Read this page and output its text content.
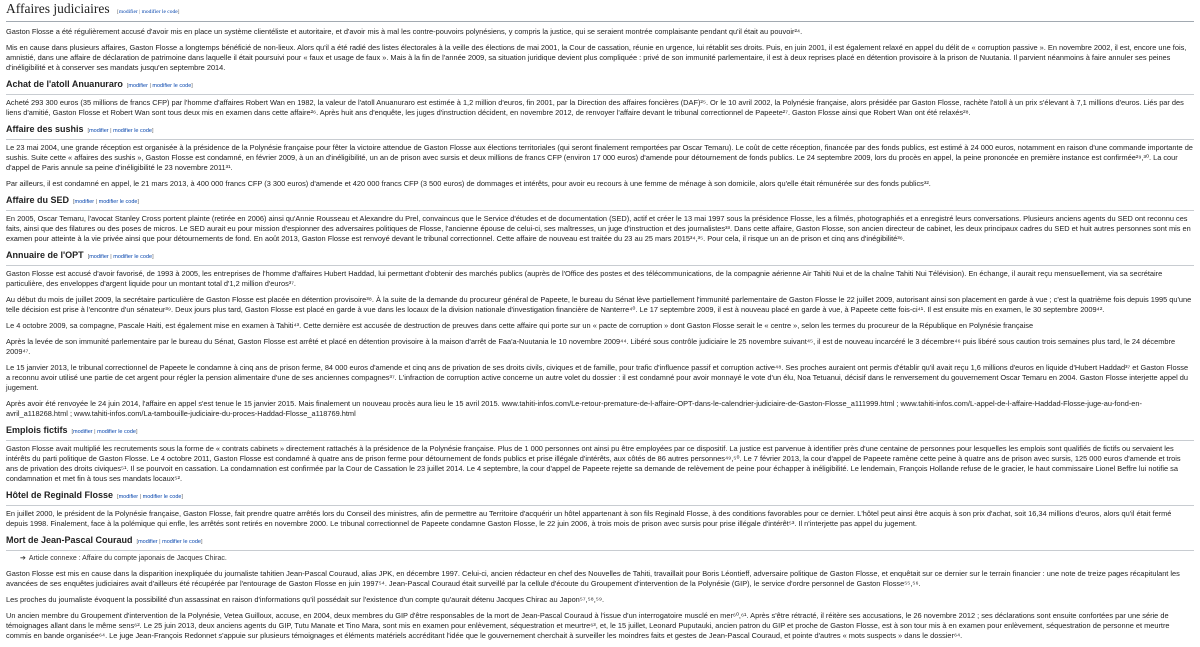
Affaires judiciaires [modifier | modifier le code]

Gaston Flosse a été régulièrement accusé d'avoir mis en place un système clientéliste et autoritaire, et d'avoir mis à mal les contre-pouvoirs polynésiens, y compris la justice, qui se seraient montrée complaisante pendant qu'il était au pouvoir²⁴.

Mis en cause dans plusieurs affaires, Gaston Flosse a longtemps bénéficié de non-lieux. Alors qu'il a été radié des listes électorales à la veille des élections de mai 2001, la Cour de cassation, réunie en urgence, lui rétablit ses droits. Puis, en juin 2001, il est également relaxé en appel du délit de « corruption passive ». En novembre 2002, il est, encore une fois, amnistié, dans une affaire de déclaration de patrimoine dans laquelle il était poursuivi pour « faux et usage de faux ». Mais à la fin de l'année 2009, sa situation juridique devient plus compliquée : privé de son immunité parlementaire, il est à deux reprises placé en détention provisoire à la prison de Nuutania. Il parvient néanmoins à faire annuler ses peines d'inéligibilité et à conserver ses mandats jusqu'en septembre 2014.

Achat de l'atoll Anuanuraro [modifier | modifier le code]

Acheté 293 300 euros (35 millions de francs CFP) par l'homme d'affaires Robert Wan en 1982, la valeur de l'atoll Anuanuraro est estimée à 1,2 million d'euros, fin 2001, par la Direction des affaires foncières (DAF)²⁵. Or le 10 avril 2002, la Polynésie française, alors présidée par Gaston Flosse, rachète l'atoll à un prix s'élevant à 7,1 millions d'euros. Liés par des liens d'amitié, Gaston Flosse et Robert Wan sont tous deux mis en examen dans cette affaire²⁶. Après huit ans d'enquête, les juges d'instruction décident, en novembre 2012, de renvoyer l'affaire devant le tribunal correctionnel de Papeete²⁷. Gaston Flosse ainsi que Robert Wan ont été relaxés²⁸.

Affaire des sushis [modifier | modifier le code]

Le 23 mai 2004, une grande réception est organisée à la présidence de la Polynésie française pour fêter la victoire attendue de Gaston Flosse aux élections territoriales (qui seront finalement remportées par Oscar Temaru). Le coût de cette réception, financée par des fonds publics, est estimé à 24 000 euros, notamment en raison d'une commande importante de sushis. Suite cette « affaires des sushis », Gaston Flosse est condamné, en février 2009, à un an d'inéligibilité, un an de prison avec sursis et deux millions de francs CFP (environ 17 000 euros) d'amende pour détournement de fonds publics. Le 24 septembre 2009, lors du procès en appel, la peine prononcée en première instance est confirmée²⁹,³⁰. La cour d'appel de Paris annule sa peine d'inéligibilité le 23 novembre 2011³¹.

Par ailleurs, il est condamné en appel, le 21 mars 2013, à 400 000 francs CFP (3 300 euros) d'amende et 420 000 francs CFP (3 500 euros) de dommages et intérêts, pour avoir eu recours à une femme de ménage à son domicile, alors qu'elle était rémunérée sur des fonds publics³².

Affaire du SED [modifier | modifier le code]

En 2005, Oscar Temaru, l'avocat Stanley Cross portent plainte (retirée en 2006) ainsi qu'Annie Rousseau et Alexandre du Prel, convaincus que le Service d'études et de documentation (SED), actif et créer le 13 mai 1997 sous la présidence Flosse, les a filmés, photographiés et a enregistré leurs conversations. Plusieurs anciens agents du SED ont reconnu ces faits, ainsi que des filatures ou des poses de micros. Le SED aurait eu pour mission d'espionner des adversaires politiques de Flosse, l'ancienne épouse de celui-ci, ses maîtresses, un juge d'instruction et des journalistes³³. Dans cette affaire, Gaston Flosse, son ancien directeur de cabinet, les deux principaux cadres du SED et huit autres personnes sont mis en examen pour atteinte à la vie privée ainsi que pour détournements de fond. En août 2013, Gaston Flosse est renvoyé devant le tribunal correctionnel. Cette affaire de nouveau est traitée du 23 au 25 mars 2015³⁴,³⁵. Pour cela, il risque un an de prison et cinq ans d'inégibilité³⁶.

Annuaire de l'OPT [modifier | modifier le code]

Gaston Flosse est accusé d'avoir favorisé, de 1993 à 2005, les entreprises de l'homme d'affaires Hubert Haddad, lui permettant d'obtenir des marchés publics (auprès de l'Office des postes et des télécommunications, de la compagnie aérienne Air Tahiti Nui et de la chaîne Tahiti Nui Télévision). En échange, il aurait reçu mensuellement, via sa secrétaire particulière, des enveloppes d'argent liquide pour un montant total d'1,2 million d'euros³⁷.

Au début du mois de juillet 2009, la secrétaire particulière de Gaston Flosse est placée en détention provisoire³⁸. À la suite de la demande du procureur général de Papeete, le bureau du Sénat lève partiellement l'immunité parlementaire de Gaston Flosse le 22 juillet 2009, autorisant ainsi son placement en garde à vue ; c'est la quatrième fois depuis 1995 qu'une telle décision est prise à l'encontre d'un sénateur³⁹. Deux jours plus tard, Gaston Flosse est placé en garde à vue dans les locaux de la division nationale d'investigation financière de Nanterre⁴⁰. Le 17 septembre 2009, il est à nouveau placé en garde à vue, à Papeete cette fois-ci⁴¹. Il est ensuite mis en examen, le 30 septembre 2009⁴².

Le 4 octobre 2009, sa compagne, Pascale Haiti, est également mise en examen à Tahiti⁴³. Cette dernière est accusée de destruction de preuves dans cette affaire qui porte sur un « pacte de corruption » dont Gaston Flosse serait le « centre », selon les termes du procureur de la République en Polynésie française

Après la levée de son immunité parlementaire par le bureau du Sénat, Gaston Flosse est arrêté et placé en détention provisoire à la maison d'arrêt de Faa'a-Nuutania le 10 novembre 2009⁴⁴. Libéré sous contrôle judiciaire le 25 novembre suivant⁴⁵, il est de nouveau incarcéré le 3 décembre⁴⁶ puis libéré sous caution trois semaines plus tard, le 24 décembre 2009⁴⁷.

Le 15 janvier 2013, le tribunal correctionnel de Papeete le condamne à cinq ans de prison ferme, 84 000 euros d'amende et cinq ans de privation de ses droits civils, civiques et de famille, pour trafic d'influence passif et corruption active⁴⁸. Ses proches auraient ont permis d'établir qu'il avait reçu 1,6 millions d'euros en liquide d'Hubert Haddad³⁷ et Gaston Flosse a reconnu avoir utilisé une partie de cet argent pour régler la pension alimentaire d'une de ses anciennes compagnes³⁷. L'infraction de corruption active concerne un autre volet du dossier : il est condamné pour avoir monnayé le vote d'un élu, Noa Tetuanui, décisif dans le renversement du gouvernement Oscar Temaru en 2004. Gaston Flosse interjette appel du jugement.

Après avoir été renvoyée le 24 juin 2014, l'affaire en appel s'est tenue le 15 janvier 2015. Mais finalement un nouveau procès aura lieu le 15 avril 2015. www.tahiti-infos.com/Le-retour-premature-de-l-affaire-OPT-dans-le-calendrier-judiciaire-de-Gaston-Flosse_a111999.html ; www.tahiti-infos.com/L-appel-de-l-affaire-Haddad-Flosse-juge-au-fond-en-avril_a118268.html ; www.tahiti-infos.com/La-tambouille-judiciaire-du-proces-Haddad-Flosse_a118769.html

Emplois fictifs [modifier | modifier le code]

Gaston Flosse avait multiplié les recrutements sous la forme de « contrats cabinets » directement rattachés à la présidence de la Polynésie française. Plus de 1 000 personnes ont ainsi pu être employées par ce dispositif. La justice est parvenue à identifier près d'une centaine de personnes pour lesquelles les emplois sont qualifiés de fictifs ou servaient les intérêts du parti politique de Gaston Flosse. Le 4 octobre 2011, Gaston Flosse est condamné à quatre ans de prison ferme pour détournement de fonds publics et prise illégale d'intérêts, aux côtés de 86 autres personnes⁴⁹,⁵⁰. Le 7 février 2013, la cour d'appel de Papeete ramène cette peine à quatre ans de prison avec sursis, 125 000 euros d'amende et trois ans de privation des droits civiques⁵¹. Il se pourvoit en cassation. La condamnation est confirmée par la Cour de Cassation le 23 juillet 2014. Le 4 septembre, la cour d'appel de Papeete rejette sa demande de relèvement de peine pour échapper à inéligibilité. Le lendemain, François Hollande refuse de le gracier, le haut commissaire Lionel Beffre lui notifie sa condamnation et met fin à tous ses mandats locaux⁵².

Hôtel de Reginald Flosse [modifier | modifier le code]

En juillet 2000, le président de la Polynésie française, Gaston Flosse, fait prendre quatre arrêtés lors du Conseil des ministres, afin de permettre au Territoire d'acquérir un hôtel appartenant à son fils Reginald Flosse, à des conditions favorables pour ce dernier. L'hôtel peut ainsi être acquis à son prix d'achat, soit 16,34 millions d'euros, alors qu'il était fermé depuis 1998. Finalement, face à la polémique qui enfle, les arrêtés sont retirés en novembre 2000. Le tribunal correctionnel de Papeete condamne Gaston Flosse, le 22 juin 2006, à trois mois de prison avec sursis pour prise illégale d'intérêt⁵³. Il n'interjette pas appel du jugement.

Mort de Jean-Pascal Couraud [modifier | modifier le code]
➔ Article connexe : Affaire du compte japonais de Jacques Chirac.

Gaston Flosse est mis en cause dans la disparition inexpliquée du journaliste tahitien Jean-Pascal Couraud, alias JPK, en décembre 1997. Celui-ci, ancien rédacteur en chef des Nouvelles de Tahiti, travaillait pour Boris Léontieff, adversaire politique de Gaston Flosse, et enquêtait sur ce dernier sur le terrain financier : une note de treize pages récapitulant les avancées de ses enquêtes judiciaires avait d'ailleurs été récupérée par l'entourage de Gaston Flosse en juin 1997⁵⁴. Jean-Pascal Couraud était surveillé par la cellule d'écoute du Groupement d'intervention de la Polynésie (GIP), le service d'ordre personnel de Gaston Flosse⁵⁵,⁵⁶.

Les proches du journaliste évoquent la possibilité d'un assassinat en raison d'informations qu'il possédait sur l'existence d'un compte qu'aurait détenu Jacques Chirac au Japon⁵⁷,⁵⁸,⁵⁹.

Un ancien membre du Groupement d'intervention de la Polynésie, Vetea Guilloux, accuse, en 2004, deux membres du GIP d'être responsables de la mort de Jean-Pascal Couraud à l'issue d'un interrogatoire musclé en mer⁶⁰,⁶¹. Après s'être rétracté, il réitère ses accusations, le 26 novembre 2012 ; ses déclarations sont ensuite confortées par une série de témoignages allant dans le même sens⁶². Le 25 juin 2013, deux anciens agents du GIP, Tutu Manate et Tino Mara, sont mis en examen pour enlèvement, séquestration et meurtre⁶³, et, le 15 juillet, Leonard Puputauki, ancien patron du GIP et proche de Gaston Flosse, est à son tour mis à en examen pour enlèvement, séquestration de personne et meurtre commis en bande organisée⁶⁴. Le juge Jean-François Redonnet s'appuie sur plusieurs témoignages et éléments matériels accréditant l'idée que le gouvernement cherchait à surveiller les moindres faits et gestes de Jean-Pascal Couraud, et pointe d'autres « mots suspects » dans le dossier⁶⁴.
